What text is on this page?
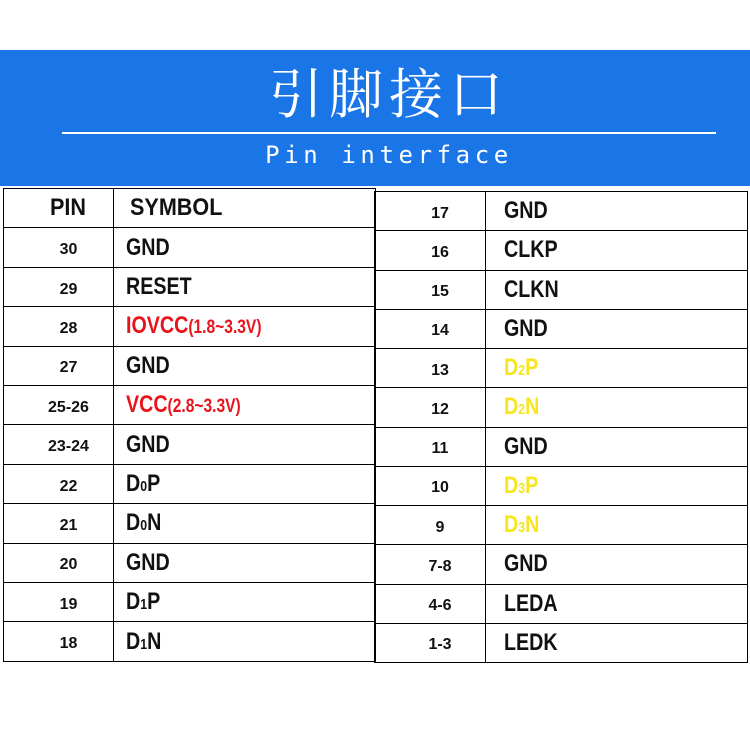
引脚接口
Pin interface
PIN	SYMBOL
30	GND
29	RESET
28	IOVCC(1.8~3.3V)
27	GND
25-26	VCC(2.8~3.3V)
23-24	GND
22	D0P
21	D0N
20	GND
19	D1P
18	D1N
17	GND
16	CLKP
15	CLKN
14	GND
13	D2P
12	D2N
11	GND
10	D3P
9	D3N
7-8	GND
4-6	LEDA
1-3	LEDK
